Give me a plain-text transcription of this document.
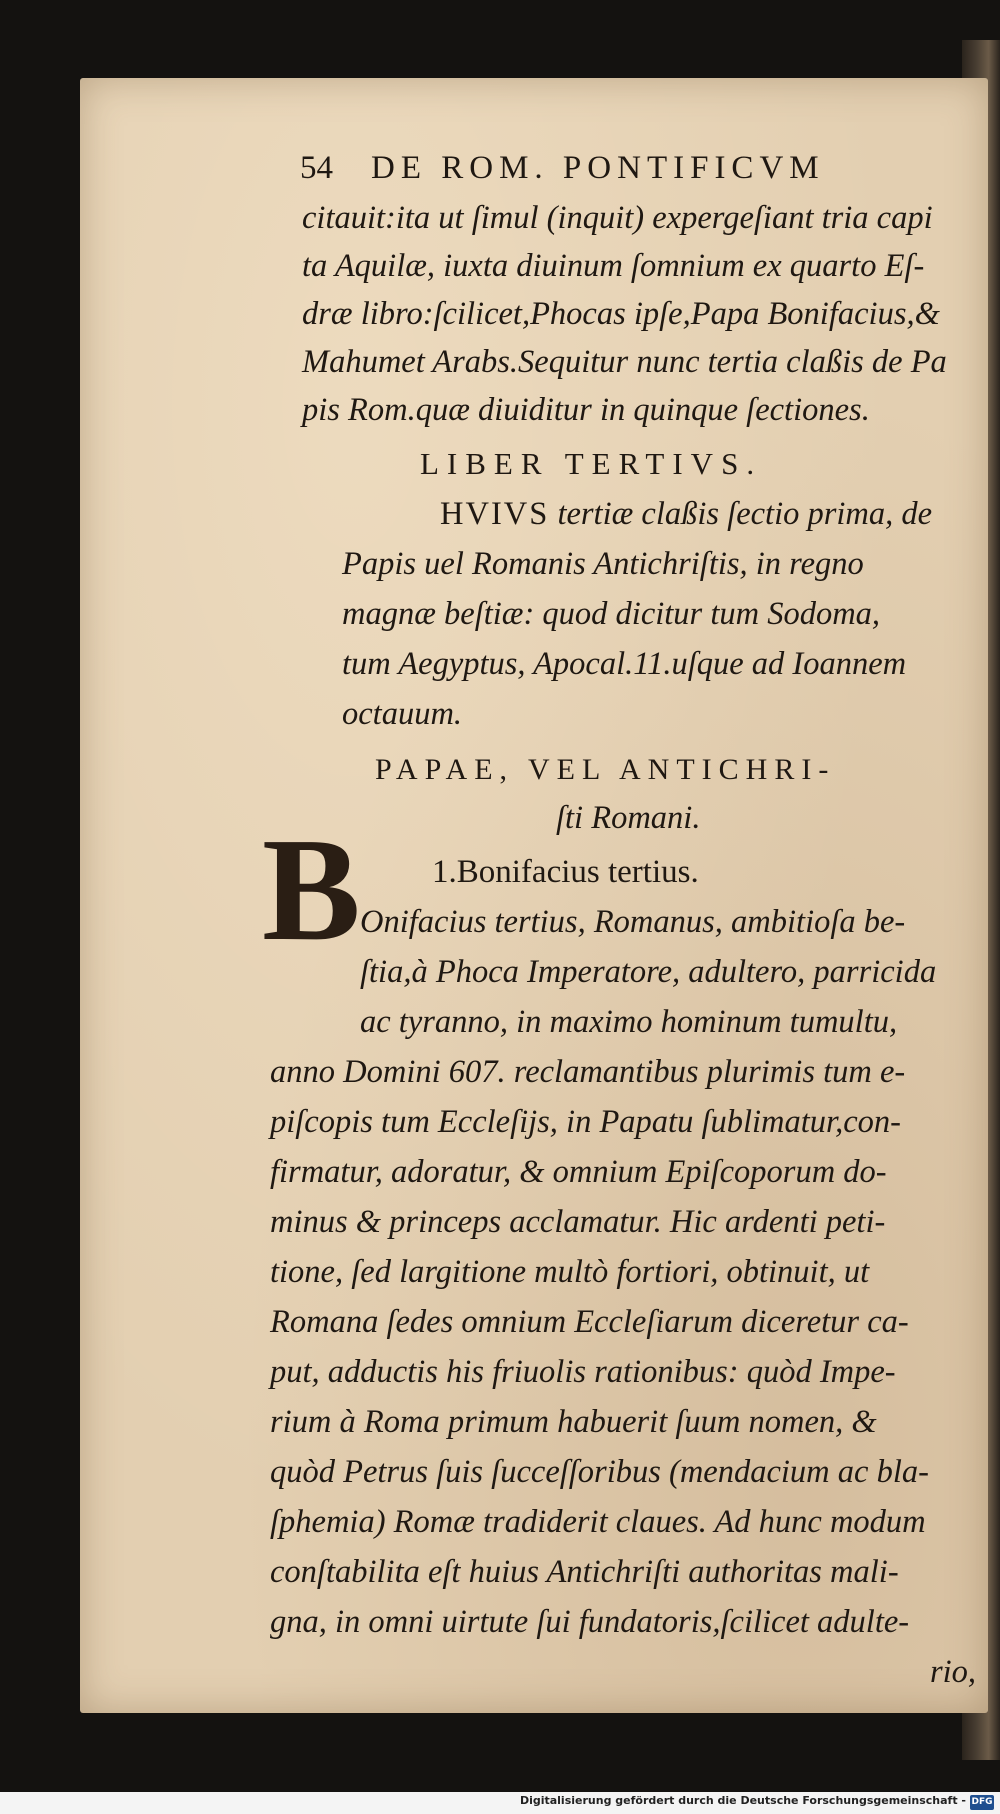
54 DE ROM. PONTIFICVM
citauit:ita ut ſimul (inquit) expergeſiant tria capi
ta Aquilæ, iuxta diuinum ſomnium ex quarto Eſ-
dræ libro:ſcilicet,Phocas ipſe,Papa Bonifacius,&
Mahumet Arabs.Sequitur nunc tertia claßis de Pa
pis Rom.quæ diuiditur in quinque ſectiones.
LIBER TERTIVS.
HVIVS tertiæ claßis ſectio prima, de
Papis uel Romanis Antichriſtis, in regno
magnæ beſtiæ: quod dicitur tum Sodoma,
tum Aegyptus, Apocal.11.uſque ad Ioannem
octauum.
PAPAE, VEL ANTICHRI-
ſti Romani.
1.Bonifacius tertius.
B Onifacius tertius, Romanus, ambitioſa be-
ſtia,à Phoca Imperatore, adultero, parricida
ac tyranno, in maximo hominum tumultu,
anno Domini 607. reclamantibus plurimis tum e-
piſcopis tum Eccleſijs, in Papatu ſublimatur,con-
firmatur, adoratur, & omnium Epiſcoporum do-
minus & princeps acclamatur. Hic ardenti peti-
tione, ſed largitione multò fortiori, obtinuit, ut
Romana ſedes omnium Eccleſiarum diceretur ca-
put, adductis his friuolis rationibus: quòd Impe-
rium à Roma primum habuerit ſuum nomen, &
quòd Petrus ſuis ſucceſſoribus (mendacium ac bla-
ſphemia) Romæ tradiderit claues. Ad hunc modum
conſtabilita eſt huius Antichriſti authoritas mali-
gna, in omni uirtute ſui fundatoris,ſcilicet adulte-
rio,
Digitalisierung gefördert durch die Deutsche Forschungsgemeinschaft - DFG
